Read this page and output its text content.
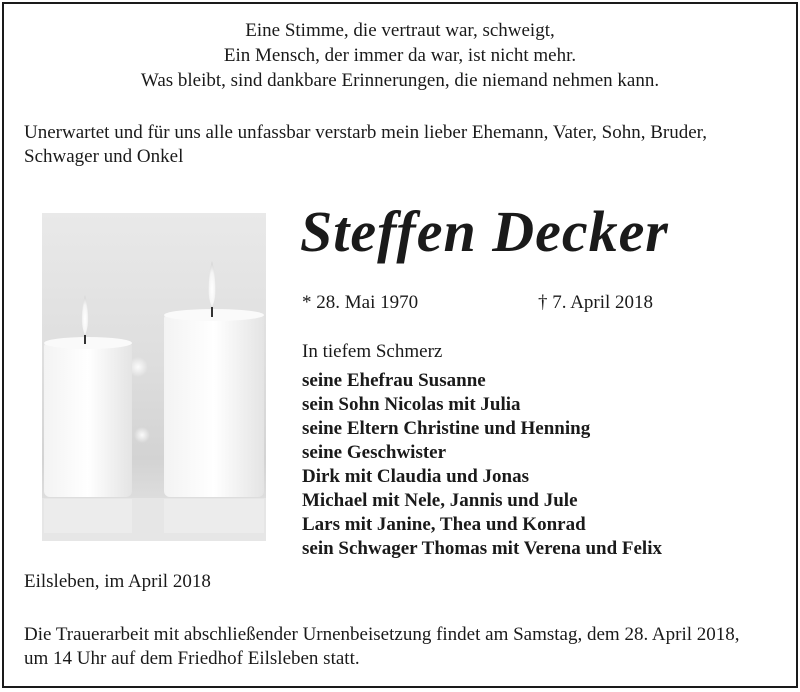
Eine Stimme, die vertraut war, schweigt,
Ein Mensch, der immer da war, ist nicht mehr.
Was bleibt, sind dankbare Erinnerungen, die niemand nehmen kann.
Unerwartet und für uns alle unfassbar verstarb mein lieber Ehemann, Vater, Sohn, Bruder,
Schwager und Onkel
Steffen Decker
* 28. Mai 1970	† 7. April 2018
In tiefem Schmerz
seine Ehefrau Susanne
sein Sohn Nicolas mit Julia
seine Eltern Christine und Henning
seine Geschwister
Dirk mit Claudia und Jonas
Michael mit Nele, Jannis und Jule
Lars mit Janine, Thea und Konrad
sein Schwager Thomas mit Verena und Felix
Eilsleben, im April 2018
Die Trauerarbeit mit abschließender Urnenbeisetzung findet am Samstag, dem 28. April 2018,
um 14 Uhr auf dem Friedhof Eilsleben statt.
